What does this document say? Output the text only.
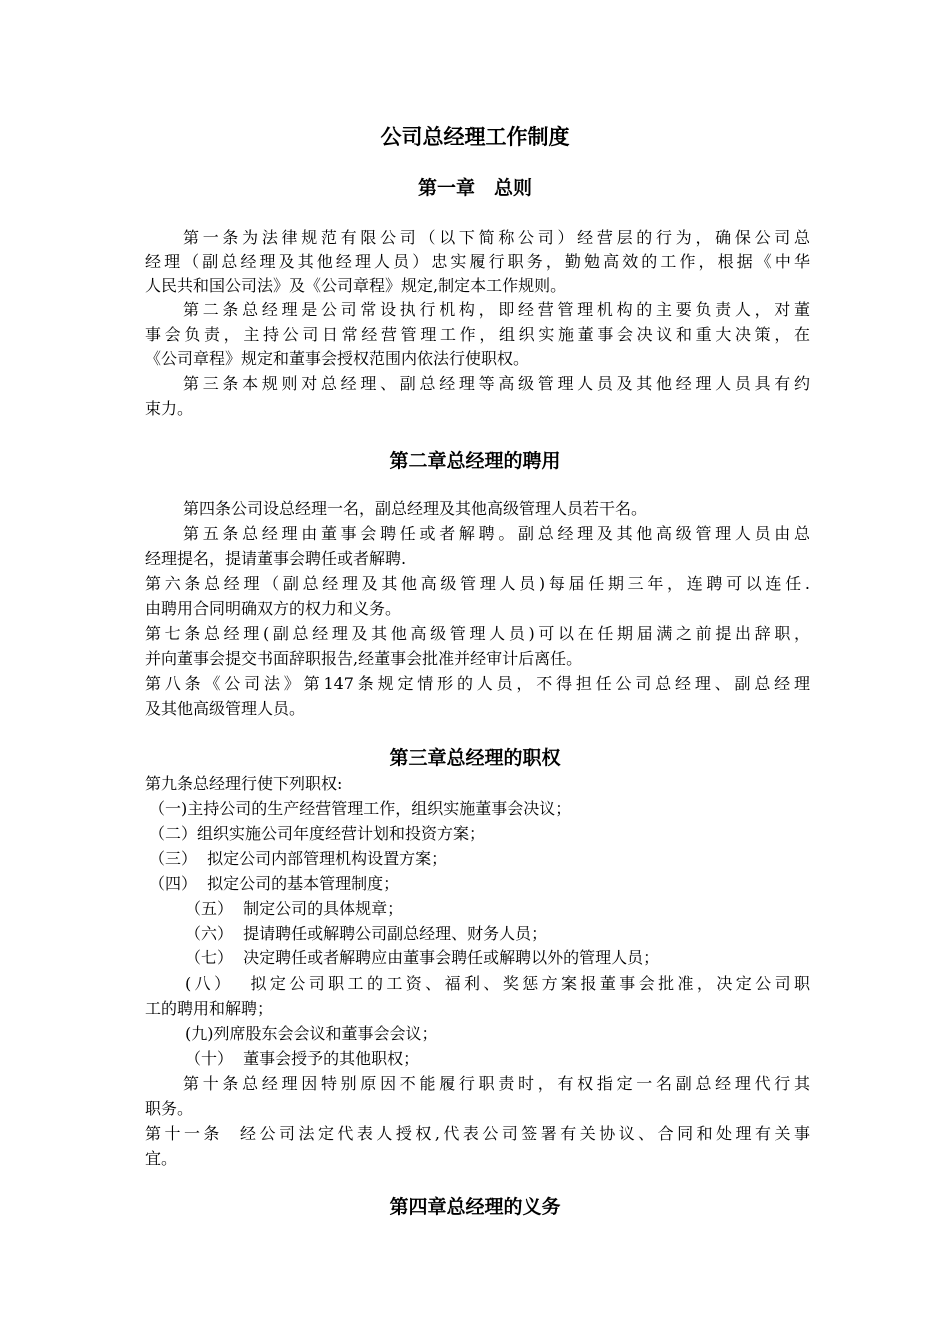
公司总经理工作制度
第一章　总则

第一条为法律规范有限公司（以下简称公司）经营层的行为，确保公司总

经理（副总经理及其他经理人员）忠实履行职务，勤勉高效的工作，根据《中华

人民共和国公司法》及《公司章程》规定,制定本工作规则。

第二条总经理是公司常设执行机构，即经营管理机构的主要负责人，对董

事会负责，主持公司日常经营管理工作，组织实施董事会决议和重大决策，在

《公司章程》规定和董事会授权范围内依法行使职权。

第三条本规则对总经理、副总经理等高级管理人员及其他经理人员具有约

束力。

第二章总经理的聘用

第四条公司设总经理一名，副总经理及其他高级管理人员若干名。

第五条总经理由董事会聘任或者解聘。副总经理及其他高级管理人员由总

经理提名，提请董事会聘任或者解聘.

第六条总经理（副总经理及其他高级管理人员)每届任期三年，连聘可以连任.

由聘用合同明确双方的权力和义务。

第七条总经理(副总经理及其他高级管理人员)可以在任期届满之前提出辞职，

并向董事会提交书面辞职报告,经董事会批准并经审计后离任。

第八条《公司法》第147条规定情形的人员，不得担任公司总经理、副总经理

及其他高级管理人员。

第三章总经理的职权

第九条总经理行使下列职权:

（一)主持公司的生产经营管理工作，组织实施董事会决议；

（二）组织实施公司年度经营计划和投资方案；

（三）  拟定公司内部管理机构设置方案；

（四）  拟定公司的基本管理制度；

（五）  制定公司的具体规章；

（六）  提请聘任或解聘公司副总经理、财务人员；

（七）  决定聘任或者解聘应由董事会聘任或解聘以外的管理人员；

(八）  拟定公司职工的工资、福利、奖惩方案报董事会批准，决定公司职

工的聘用和解聘；

(九)列席股东会会议和董事会会议；

（十）  董事会授予的其他职权；

第十条总经理因特别原因不能履行职责时，有权指定一名副总经理代行其

职务。

第十一条  经公司法定代表人授权,代表公司签署有关协议、合同和处理有关事

宜。

第四章总经理的义务
